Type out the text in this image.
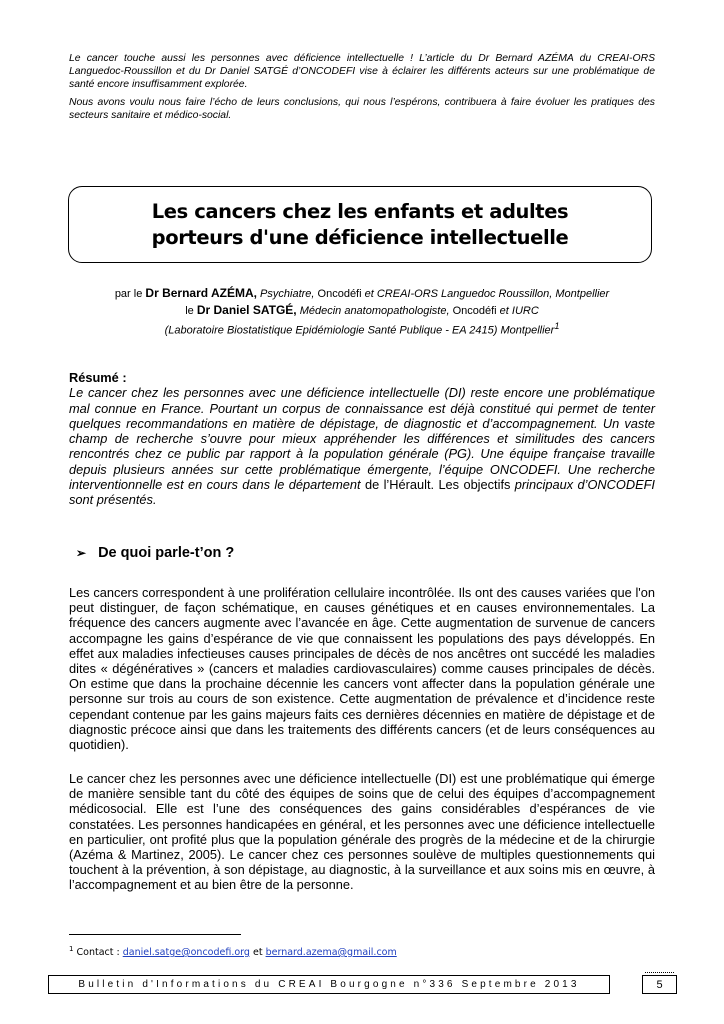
Le cancer touche aussi les personnes avec déficience intellectuelle ! L’article du Dr Bernard AZÉMA du CREAI-ORS Languedoc-Roussillon et du Dr Daniel SATGÉ d’ONCODEFI vise à éclairer les différents acteurs sur une problématique de santé encore insuffisamment explorée.

Nous avons voulu nous faire l’écho de leurs conclusions, qui nous l’espérons, contribuera à faire évoluer les pratiques des secteurs sanitaire et médico-social.

Les cancers chez les enfants et adultes
porteurs d'une déficience intellectuelle
par le Dr Bernard AZÉMA, Psychiatre, Oncodéfi et CREAI-ORS Languedoc Roussillon, Montpellier
le Dr Daniel SATGÉ, Médecin anatomopathologiste, Oncodéfi et IURC
(Laboratoire Biostatistique Epidémiologie Santé Publique - EA 2415) Montpellier$^1$
Résumé :
Le cancer chez les personnes avec une déficience intellectuelle (DI) reste encore une problématique mal connue en France. Pourtant un corpus de connaissance est déjà constitué qui permet de tenter quelques recommandations en matière de dépistage, de diagnostic et d’accompagnement. Un vaste champ de recherche s’ouvre pour mieux appréhender les différences et similitudes des cancers rencontrés chez ce public par rapport à la population générale (PG). Une équipe française travaille depuis plusieurs années sur cette problématique émergente, l’équipe ONCODEFI. Une recherche interventionnelle est en cours dans le département de l’Hérault. Les objectifs principaux d’ONCODEFI sont présentés.
➢ De quoi parle-t’on ?

Les cancers correspondent à une prolifération cellulaire incontrôlée. Ils ont des causes variées que l'on peut distinguer, de façon schématique, en causes génétiques et en causes environnementales. La fréquence des cancers augmente avec l’avancée en âge. Cette augmentation de survenue de cancers accompagne les gains d’espérance de vie que connaissent les populations des pays développés. En effet aux maladies infectieuses causes principales de décès de nos ancêtres ont succédé les maladies dites « dégénératives » (cancers et maladies cardiovasculaires) comme causes principales de décès. On estime que dans la prochaine décennie les cancers vont affecter dans la population générale une personne sur trois au cours de son existence. Cette augmentation de prévalence et d’incidence reste cependant contenue par les gains majeurs faits ces dernières décennies en matière de dépistage et de diagnostic précoce ainsi que dans les traitements des différents cancers (et de leurs conséquences au quotidien).

Le cancer chez les personnes avec une déficience intellectuelle (DI) est une problématique qui émerge de manière sensible tant du côté des équipes de soins que de celui des équipes d’accompagnement médicosocial. Elle est l’une des conséquences des gains considérables d’espérances de vie constatées. Les personnes handicapées en général, et les personnes avec une déficience intellectuelle en particulier, ont profité plus que la population générale des progrès de la médecine et de la chirurgie (Azéma & Martinez, 2005). Le cancer chez ces personnes soulève de multiples questionnements qui touchent à la prévention, à son dépistage, au diagnostic, à la surveillance et aux soins mis en œuvre, à l’accompagnement et au bien être de la personne.

$^1$ Contact : daniel.satge@oncodefi.org et bernard.azema@gmail.com
Bulletin d'Informations du CREAI Bourgogne n°336 Septembre 2013	5
